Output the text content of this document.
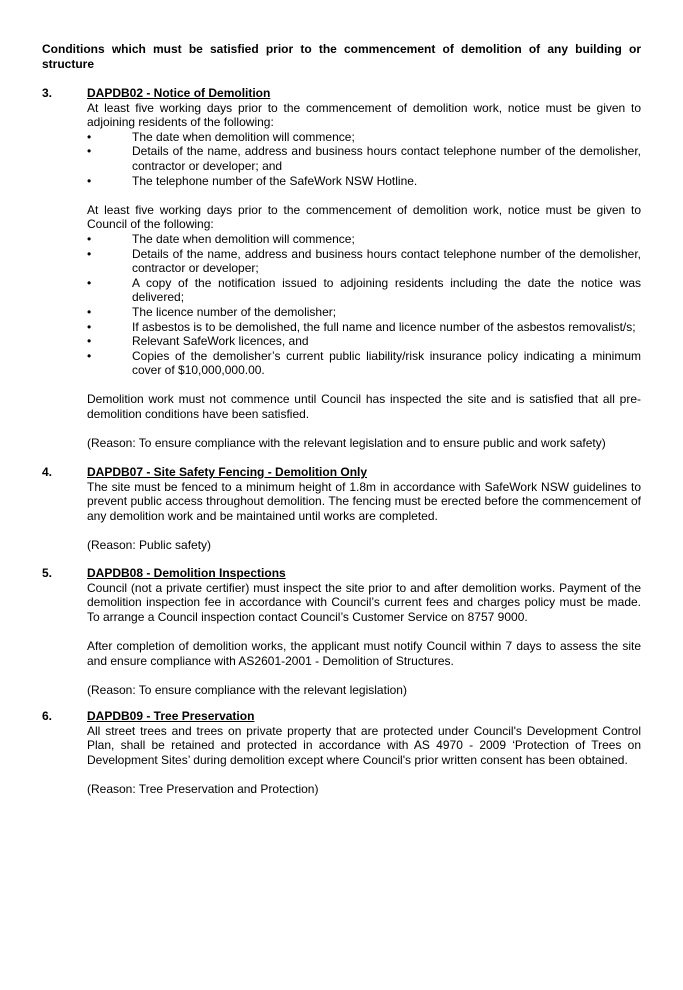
Conditions which must be satisfied prior to the commencement of demolition of any building or structure
3.	DAPDB02 - Notice of Demolition

At least five working days prior to the commencement of demolition work, notice must be given to adjoining residents of the following:

• The date when demolition will commence;
• Details of the name, address and business hours contact telephone number of the demolisher, contractor or developer; and
• The telephone number of the SafeWork NSW Hotline.

At least five working days prior to the commencement of demolition work, notice must be given to Council of the following:

• The date when demolition will commence;
• Details of the name, address and business hours contact telephone number of the demolisher, contractor or developer;
• A copy of the notification issued to adjoining residents including the date the notice was delivered;
• The licence number of the demolisher;
• If asbestos is to be demolished, the full name and licence number of the asbestos removalist/s;
• Relevant SafeWork licences, and
• Copies of the demolisher’s current public liability/risk insurance policy indicating a minimum cover of $10,000,000.00.

Demolition work must not commence until Council has inspected the site and is satisfied that all pre-demolition conditions have been satisfied.

(Reason: To ensure compliance with the relevant legislation and to ensure public and work safety)

4.	DAPDB07 - Site Safety Fencing - Demolition Only

The site must be fenced to a minimum height of 1.8m in accordance with SafeWork NSW guidelines to prevent public access throughout demolition. The fencing must be erected before the commencement of any demolition work and be maintained until works are completed.

(Reason: Public safety)

5.	DAPDB08 - Demolition Inspections

Council (not a private certifier) must inspect the site prior to and after demolition works. Payment of the demolition inspection fee in accordance with Council’s current fees and charges policy must be made. To arrange a Council inspection contact Council’s Customer Service on 8757 9000.

After completion of demolition works, the applicant must notify Council within 7 days to assess the site and ensure compliance with AS2601-2001 - Demolition of Structures.

(Reason: To ensure compliance with the relevant legislation)

6.	DAPDB09 - Tree Preservation

All street trees and trees on private property that are protected under Council's Development Control Plan, shall be retained and protected in accordance with AS 4970 - 2009 ‘Protection of Trees on Development Sites’ during demolition except where Council's prior written consent has been obtained.

(Reason: Tree Preservation and Protection)
